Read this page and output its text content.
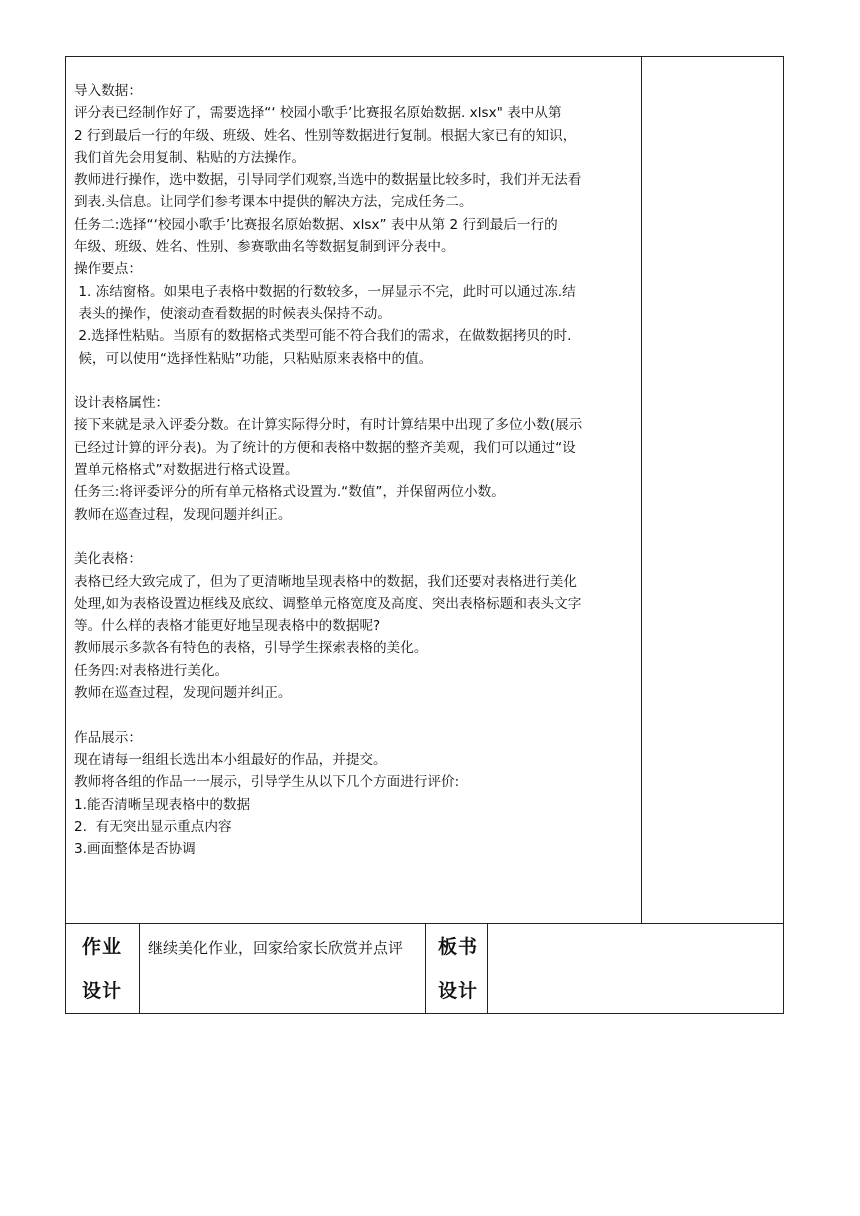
导入数据：

评分表已经制作好了，需要选择“‘ 校园小歌手’比赛报名原始数据. xlsx" 表中从第

2 行到最后一行的年级、班级、姓名、性别等数据进行复制。根据大家已有的知识，

我们首先会用复制、粘贴的方法操作。

教师进行操作，选中数据，引导同学们观察,当选中的数据量比较多时，我们并无法看

到表.头信息。让同学们参考课本中提供的解决方法，完成任务二。

任务二:选择“‘校园小歌手’比赛报名原始数据、xlsx” 表中从第 2 行到最后一行的

年级、班级、姓名、性别、参赛歌曲名等数据复制到评分表中。

操作要点：

1. 冻结窗格。如果电子表格中数据的行数较多，一屏显示不完，此时可以通过冻.结

表头的操作，使滚动查看数据的时候表头保持不动。

2.选择性粘贴。当原有的数据格式类型可能不符合我们的需求，在做数据拷贝的时.

候，可以使用“选择性粘贴”功能，只粘贴原来表格中的值。

设计表格属性：

接下来就是录入评委分数。在计算实际得分时，有时计算结果中出现了多位小数(展示

已经过计算的评分表)。为了统计的方便和表格中数据的整齐美观，我们可以通过“设

置单元格格式”对数据进行格式设置。

任务三:将评委评分的所有单元格格式设置为.“数值”，并保留两位小数。

教师在巡查过程，发现问题并纠正。

美化表格：

表格已经大致完成了，但为了更清晰地呈现表格中的数据，我们还要对表格进行美化

处理,如为表格设置边框线及底纹、调整单元格宽度及高度、突出表格标题和表头文字

等。什么样的表格才能更好地呈现表格中的数据呢?

教师展示多款各有特色的表格，引导学生探索表格的美化。

任务四:对表格进行美化。

教师在巡查过程，发现问题并纠正。

作品展示：

现在请每一组组长选出本小组最好的作品，并提交。

教师将各组的作品一一展示，引导学生从以下几个方面进行评价:

1.能否清晰呈现表格中的数据

2.  有无突出显示重点内容

3.画面整体是否协调

作业
设计
继续美化作业，回家给家长欣赏并点评	板书
设计
